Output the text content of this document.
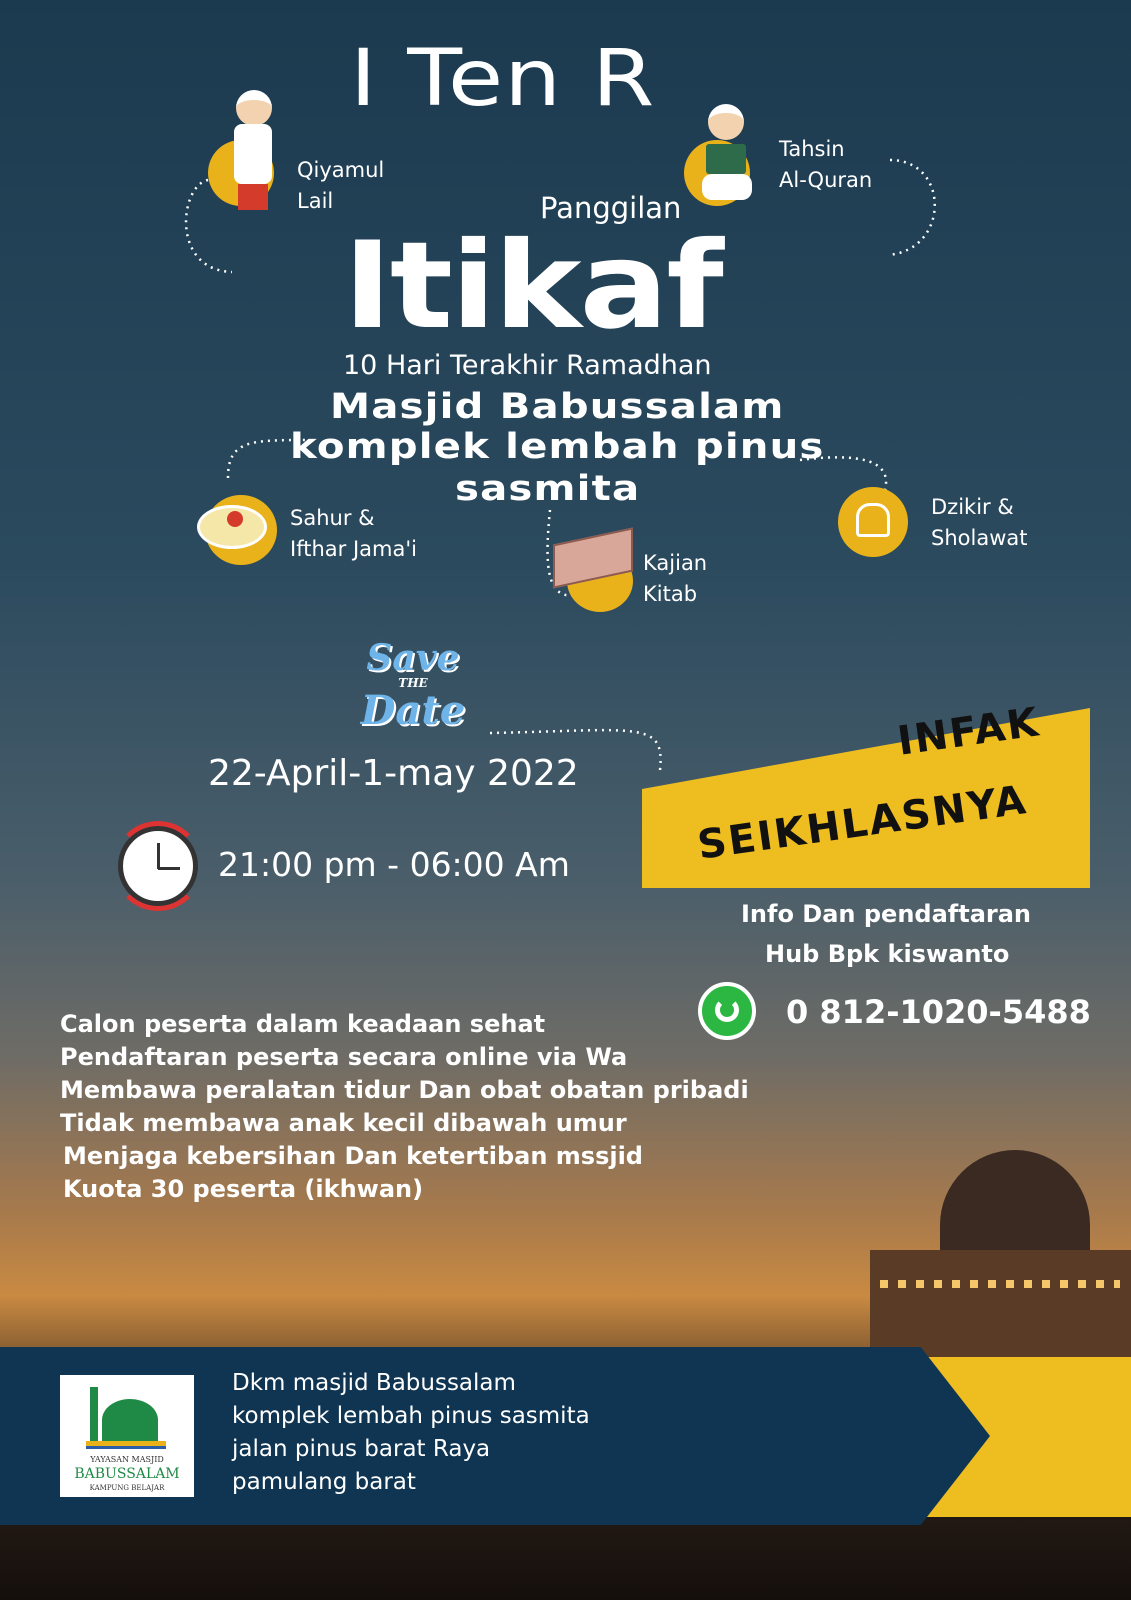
I Ten R
Panggilan
Itikaf
10 Hari Terakhir Ramadhan
Masjid Babussalam
komplek lembah pinus
sasmita
Qiyamul
Lail
Tahsin
Al-Quran
Sahur &
Ifthar Jama'i
Kajian
Kitab
Dzikir &
Sholawat
Save
THE
Date
22-April-1-may 2022
21:00 pm - 06:00 Am
INFAK
SEIKHLASNYA
Info Dan pendaftaran
Hub Bpk kiswanto
0 812-1020-5488
Calon peserta dalam keadaan sehat
Pendaftaran peserta secara online via Wa
Membawa peralatan tidur Dan obat obatan pribadi
Tidak membawa anak kecil dibawah umur
Menjaga kebersihan Dan ketertiban mssjid
Kuota 30 peserta (ikhwan)
YAYASAN MASJID
BABUSSALAM
KAMPUNG BELAJAR
Dkm masjid Babussalam
komplek lembah pinus sasmita
jalan pinus barat Raya
pamulang barat
